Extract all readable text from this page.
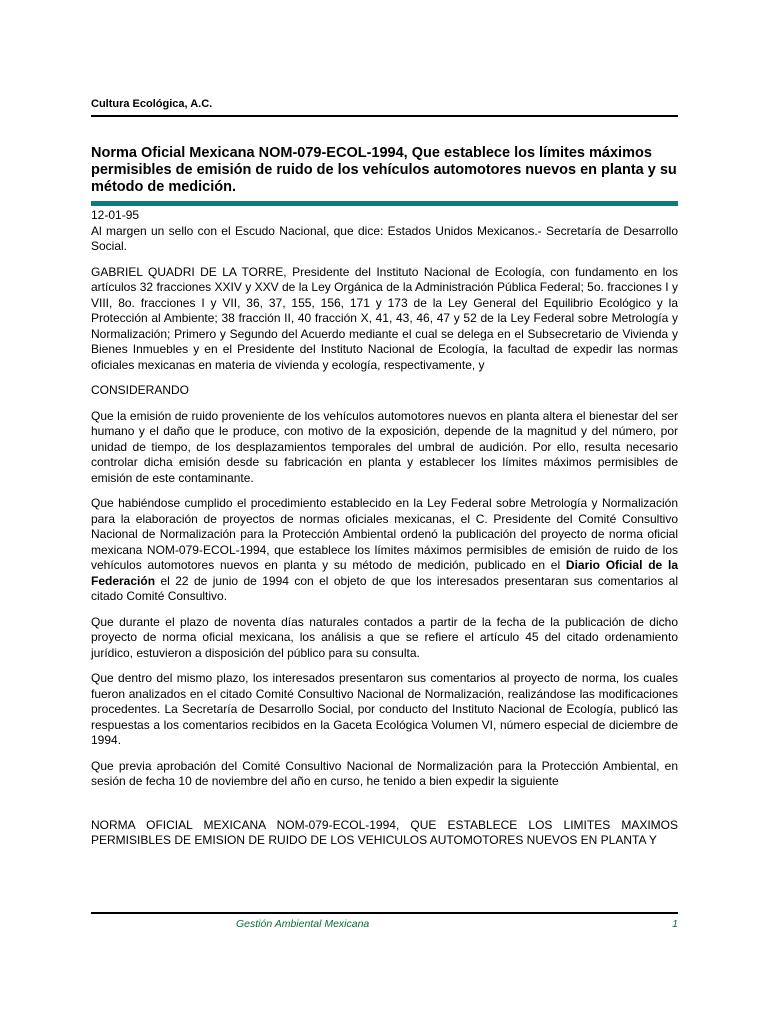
Cultura Ecológica, A.C.
Norma Oficial Mexicana NOM-079-ECOL-1994, Que establece los límites máximos permisibles de emisión de ruido de los vehículos automotores nuevos en planta y su método de medición.

12-01-95

Al margen un sello con el Escudo Nacional, que dice: Estados Unidos Mexicanos.- Secretaría de Desarrollo Social.

GABRIEL QUADRI DE LA TORRE, Presidente del Instituto Nacional de Ecología, con fundamento en los artículos 32 fracciones XXIV y XXV de la Ley Orgánica de la Administración Pública Federal; 5o. fracciones I y VIII, 8o. fracciones I y VII, 36, 37, 155, 156, 171 y 173 de la Ley General del Equilibrio Ecológico y la Protección al Ambiente; 38 fracción II, 40 fracción X, 41, 43, 46, 47 y 52 de la Ley Federal sobre Metrología y Normalización; Primero y Segundo del Acuerdo mediante el cual se delega en el Subsecretario de Vivienda y Bienes Inmuebles y en el Presidente del Instituto Nacional de Ecología, la facultad de expedir las normas oficiales mexicanas en materia de vivienda y ecología, respectivamente, y

CONSIDERANDO

Que la emisión de ruido proveniente de los vehículos automotores nuevos en planta altera el bienestar del ser humano y el daño que le produce, con motivo de la exposición, depende de la magnitud y del número, por unidad de tiempo, de los desplazamientos temporales del umbral de audición. Por ello, resulta necesario controlar dicha emisión desde su fabricación en planta y establecer los límites máximos permisibles de emisión de este contaminante.

Que habiéndose cumplido el procedimiento establecido en la Ley Federal sobre Metrología y Normalización para la elaboración de proyectos de normas oficiales mexicanas, el C. Presidente del Comité Consultivo Nacional de Normalización para la Protección Ambiental ordenó la publicación del proyecto de norma oficial mexicana NOM-079-ECOL-1994, que establece los límites máximos permisibles de emisión de ruido de los vehículos automotores nuevos en planta y su método de medición, publicado en el Diario Oficial de la Federación el 22 de junio de 1994 con el objeto de que los interesados presentaran sus comentarios al citado Comité Consultivo.

Que durante el plazo de noventa días naturales contados a partir de la fecha de la publicación de dicho proyecto de norma oficial mexicana, los análisis a que se refiere el artículo 45 del citado ordenamiento jurídico, estuvieron a disposición del público para su consulta.

Que dentro del mismo plazo, los interesados presentaron sus comentarios al proyecto de norma, los cuales fueron analizados en el citado Comité Consultivo Nacional de Normalización, realizándose las modificaciones procedentes. La Secretaría de Desarrollo Social, por conducto del Instituto Nacional de Ecología, publicó las respuestas a los comentarios recibidos en la Gaceta Ecológica Volumen VI, número especial de diciembre de 1994.

Que previa aprobación del Comité Consultivo Nacional de Normalización para la Protección Ambiental, en sesión de fecha 10 de noviembre del año en curso, he tenido a bien expedir la siguiente

NORMA OFICIAL MEXICANA NOM-079-ECOL-1994, QUE ESTABLECE LOS LIMITES MAXIMOS PERMISIBLES DE EMISION DE RUIDO DE LOS VEHICULOS AUTOMOTORES NUEVOS EN PLANTA Y

Gestión Ambiental Mexicana	1
